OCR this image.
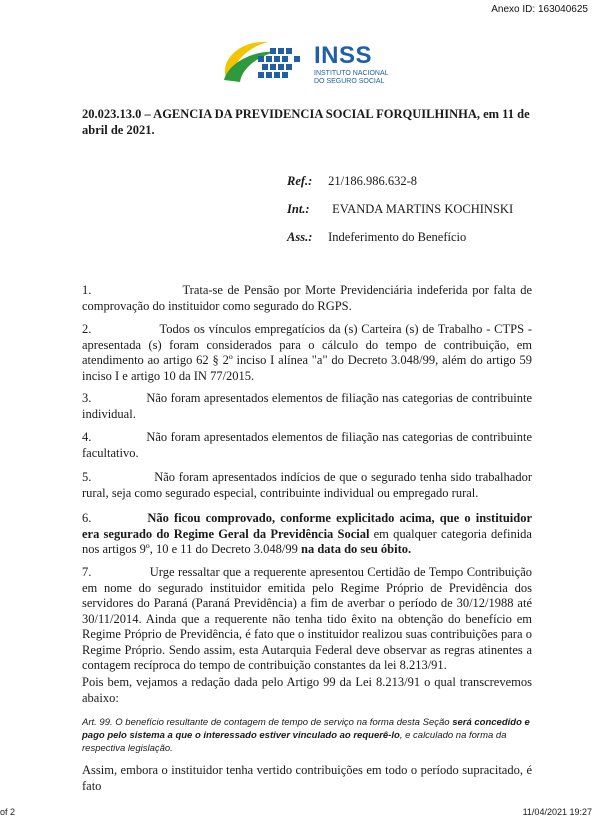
Anexo ID: 163040625
INSS
INSTITUTO NACIONAL
DO SEGURO SOCIAL
20.023.13.0 – AGENCIA DA PREVIDENCIA SOCIAL FORQUILHINHA, em 11 de abril de 2021.
Ref.: 21/186.986.632-8
Int.: EVANDA MARTINS KOCHINSKI
Ass.: Indeferimento do Benefício
1.                    Trata-se de Pensão por Morte Previdenciária indeferida por falta de comprovação do instituidor como segurado do RGPS.
2.                  Todos os vínculos empregatícios da (s) Carteira (s) de Trabalho - CTPS - apresentada (s) foram considerados para o cálculo do tempo de contribuição, em atendimento ao artigo 62 § 2º inciso I alínea "a" do Decreto 3.048/99, além do artigo 59 inciso I e artigo 10 da IN 77/2015.
3.                Não foram apresentados elementos de filiação nas categorias de contribuinte individual.
4.                Não foram apresentados elementos de filiação nas categorias de contribuinte facultativo.
5.                 Não foram apresentados indícios de que o segurado tenha sido trabalhador rural, seja como segurado especial, contribuinte individual ou empregado rural.
6.	Não ficou comprovado, conforme explicitado acima, que o instituidor era segurado do Regime Geral da Previdência Social em qualquer categoria definida nos artigos 9º, 10 e 11 do Decreto 3.048/99 na data do seu óbito.
7.                 Urge ressaltar que a requerente apresentou Certidão de Tempo Contribuição em nome do segurado instituidor emitida pelo Regime Próprio de Previdência dos servidores do Paraná (Paraná Previdência) a fim de averbar o período de 30/12/1988 até 30/11/2014. Ainda que a requerente não tenha tido êxito na obtenção do benefício em Regime Próprio de Previdência, é fato que o instituidor realizou suas contribuições para o Regime Próprio. Sendo assim, esta Autarquia Federal deve observar as regras atinentes a contagem recíproca do tempo de contribuição constantes da lei 8.213/91.
Pois bem, vejamos a redação dada pelo Artigo 99 da Lei 8.213/91 o qual transcrevemos abaixo:
Art. 99. O benefício resultante de contagem de tempo de serviço na forma desta Seção será concedido e pago pelo sistema a que o interessado estiver vinculado ao requerê-lo, e calculado na forma da respectiva legislação.
Assim, embora o instituidor tenha vertido contribuições em todo o período supracitado, é fato
of 2	11/04/2021 19:27
